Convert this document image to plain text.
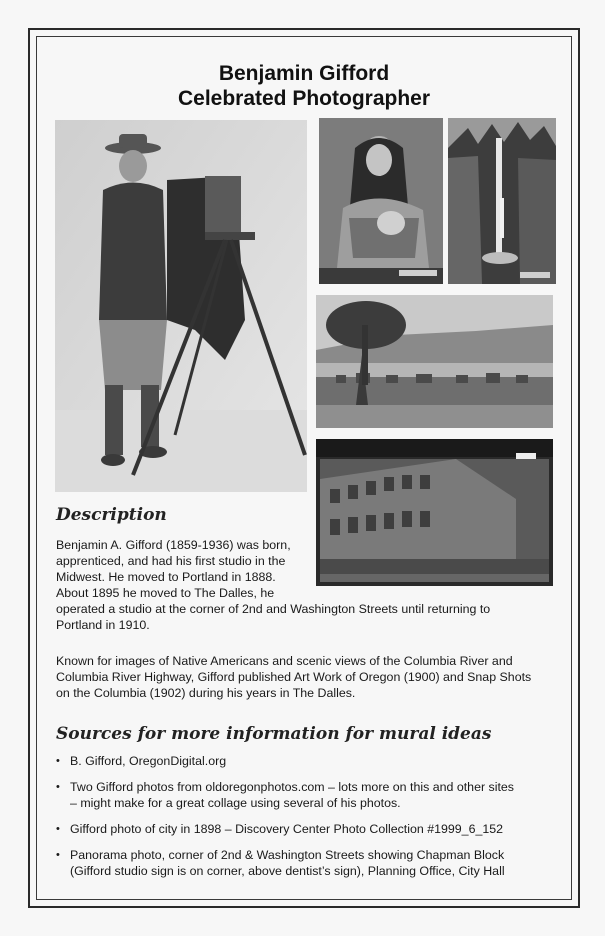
Benjamin Gifford
Celebrated Photographer
Description
Benjamin A. Gifford (1859-1936) was born,
apprenticed, and had his first studio in the
Midwest. He moved to Portland in 1888.
About 1895 he moved to The Dalles, he
operated a studio at the corner of 2nd and Washington Streets until returning to
Portland in 1910.
Known for images of Native Americans and scenic views of the Columbia River and
Columbia River Highway, Gifford published Art Work of Oregon (1900) and Snap Shots
on the Columbia (1902) during his years in The Dalles.
Sources for more information for mural ideas
• B. Gifford, OregonDigital.org
• Two Gifford photos from oldoregonphotos.com – lots more on this and other sites
– might make for a great collage using several of his photos.
• Gifford photo of city in 1898 – Discovery Center Photo Collection #1999_6_152
• Panorama photo, corner of 2nd & Washington Streets showing Chapman Block
(Gifford studio sign is on corner, above dentist’s sign), Planning Office, City Hall
